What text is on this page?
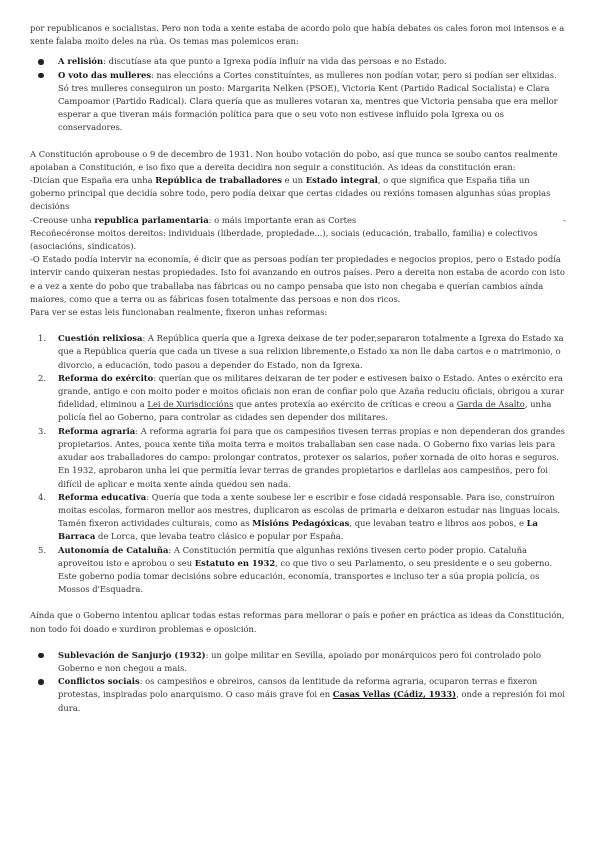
por republicanos e socialistas. Pero non toda a xente estaba de acordo polo que había debates os cales foron moi intensos e a xente falaba moito deles na rúa. Os temas mas polemicos eran:

A relisión: discutíase ata que punto a Igrexa podía influír na vida das persoas e no Estado.
O voto das mulleres: nas eleccións a Cortes constituíntes, as mulleres non podían votar, pero si podían ser elixidas. Só tres mulleres conseguiron un posto: Margarita Nelken (PSOE), Victoria Kent (Partido Radical Socialista) e Clara Campoamor (Partido Radical). Clara quería que as mulleres votaran xa, mentres que Victoria pensaba que era mellor esperar a que tiveran máis formación política para que o seu voto non estivese influído pola Igrexa ou os conservadores.

A Constitución aprobouse o 9 de decembro de 1931. Non houbo votación do pobo, así que nunca se soubo cantos realmente apoiaban a Constitución, e iso fixo que a dereita decidira non seguir a constitución. As ideas da constitución eran:

-Dicían que España era unha República de traballadores e un Estado integral, o que significa que España tiña un goberno principal que decidía sobre todo, pero podía deixar que certas cidades ou rexións tomasen algunhas súas propias decisións

-Creouse unha republica parlamentaria: o máis importante eran as Cortes	-

Recoñecéronse moitos dereitos: individuais (liberdade, propiedade...), sociais (educación, traballo, familia) e colectivos (asociacións, sindicatos).

-O Estado podía intervir na economía, é dicir que as persoas podían ter propiedades e negocios propios, pero o Estado podía intervir cando quixeran nestas propiedades. Isto foi avanzando en outros países. Pero a dereita non estaba de acordo con isto e a vez a xente do pobo que traballaba nas fábricas ou no campo pensaba que isto non chegaba e querían cambios aínda maiores, como que a terra ou as fábricas fosen totalmente das persoas e non dos ricos.

Para ver se estas leis funcionaban realmente, fixeron unhas reformas:

1. Cuestión relixiosa: A República quería que a Igrexa deixase de ter poder,separaron totalmente a Igrexa do Estado xa que a República quería que cada un tivese a sua relixion libremente,o Estado xa non lle daba cartos e o matrimonio, o divorcio, a educación, todo pasou a depender do Estado, non da Igrexa.
2. Reforma do exército: querían que os militares deixaran de ter poder e estivesen baixo o Estado. Antes o exército era grande, antigo e con moito poder e moitos oficiais non eran de confiar polo que Azaña reduciu oficiais, obrigou a xurar fidelidad, eliminou a Lei de Xurisdiccións que antes protexía ao exército de críticas e creou a Garda de Asalto, unha policía fiel ao Goberno, para controlar as cidades sen depender dos militares.
3. Reforma agraria: A reforma agraria foi para que os campesiños tivesen terras propias e non dependeran dos grandes propietarios. Antes, pouca xente tiña moita terra e moitos traballaban sen case nada. O Goberno fixo varias leis para axudar aos traballadores do campo: prolongar contratos, protexer os salarios, poñer xornada de oito horas e seguros. En 1932, aprobaron unha lei que permitía levar terras de grandes propietarios e darllelas aos campesiños, pero foi difícil de aplicar e moita xente aínda quedou sen nada.
4. Reforma educativa: Quería que toda a xente soubese ler e escribir e fose cidadá responsable. Para iso, construíron moitas escolas, formaron mellor aos mestres, duplicaron as escolas de primaria e deixaron estudar nas linguas locais. Tamén fixeron actividades culturais, como as Misións Pedagóxicas, que levaban teatro e libros aos pobos, e La Barraca de Lorca, que levaba teatro clásico e popular por España.
5. Autonomía de Cataluña: A Constitución permitía que algunhas rexións tivesen certo poder propio. Cataluña aproveitou isto e aprobou o seu Estatuto en 1932, co que tivo o seu Parlamento, o seu presidente e o seu goberno. Este goberno podía tomar decisións sobre educación, economía, transportes e incluso ter a súa propia policía, os Mossos d'Esquadra.

Aínda que o Goberno intentou aplicar todas estas reformas para mellorar o país e poñer en práctica as ideas da Constitución, non todo foi doado e xurdiron problemas e oposición.

Sublevación de Sanjurjo (1932): un golpe militar en Sevilla, apoiado por monárquicos pero foi controlado polo Goberno e non chegou a mais.
Conflictos sociais: os campesiños e obreiros, cansos da lentitude da reforma agraria, ocuparon terras e fixeron protestas, inspiradas polo anarquismo. O caso máis grave foi en Casas Vellas (Cádiz, 1933), onde a represión foi moi dura.
